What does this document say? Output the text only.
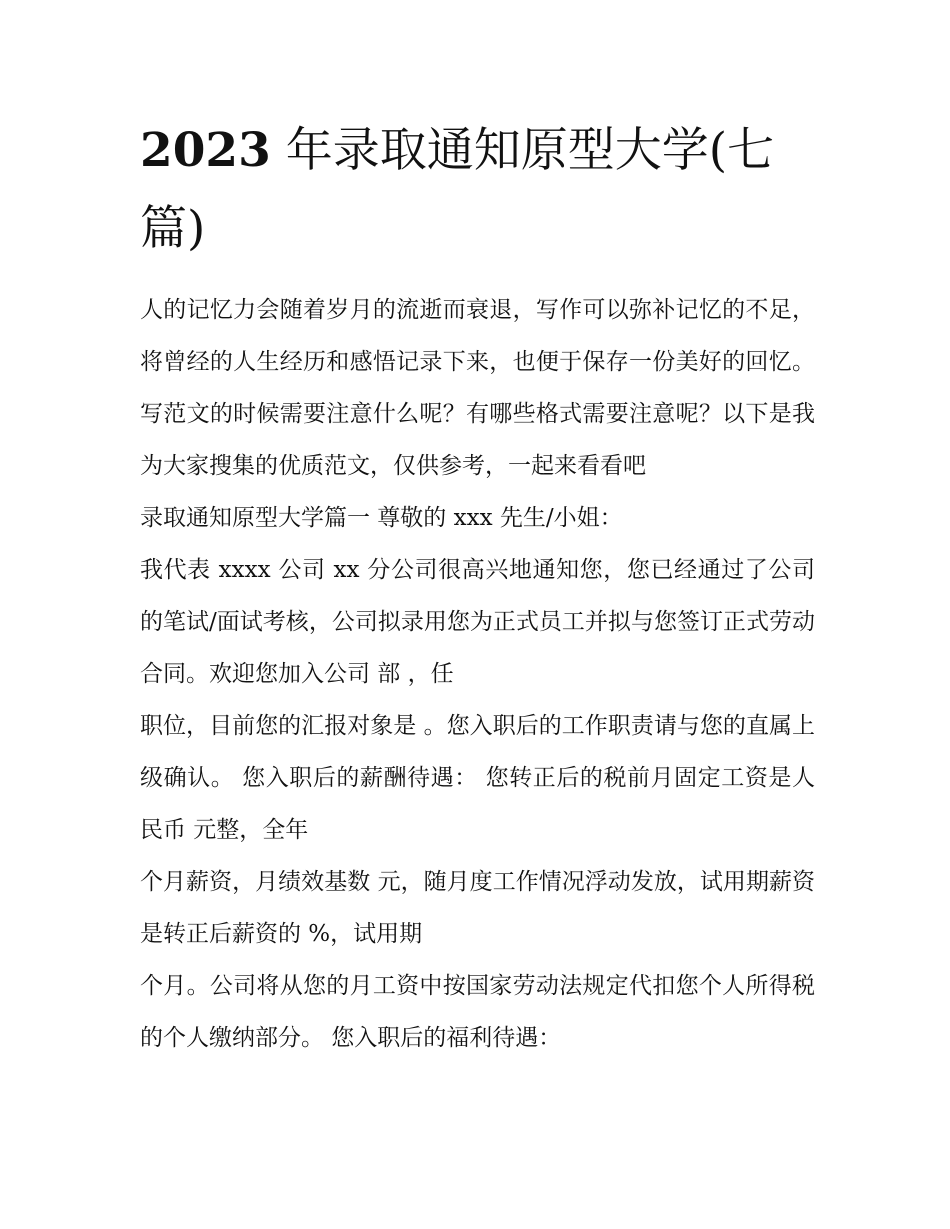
2023 年录取通知原型大学(七篇)

人的记忆力会随着岁月的流逝而衰退，写作可以弥补记忆的不足，将曾经的人生经历和感悟记录下来，也便于保存一份美好的回忆。写范文的时候需要注意什么呢？有哪些格式需要注意呢？以下是我为大家搜集的优质范文，仅供参考，一起来看看吧

录取通知原型大学篇一 尊敬的 xxx 先生/小姐：

我代表 xxxx 公司 xx 分公司很高兴地通知您，您已经通过了公司的笔试/面试考核，公司拟录用您为正式员工并拟与您签订正式劳动合同。欢迎您加入公司 部 ，任

职位，目前您的汇报对象是 。您入职后的工作职责请与您的直属上级确认。 您入职后的薪酬待遇： 您转正后的税前月固定工资是人民币 元整，全年

个月薪资，月绩效基数 元，随月度工作情况浮动发放，试用期薪资是转正后薪资的 %，试用期

个月。公司将从您的月工资中按国家劳动法规定代扣您个人所得税的个人缴纳部分。 您入职后的福利待遇：
